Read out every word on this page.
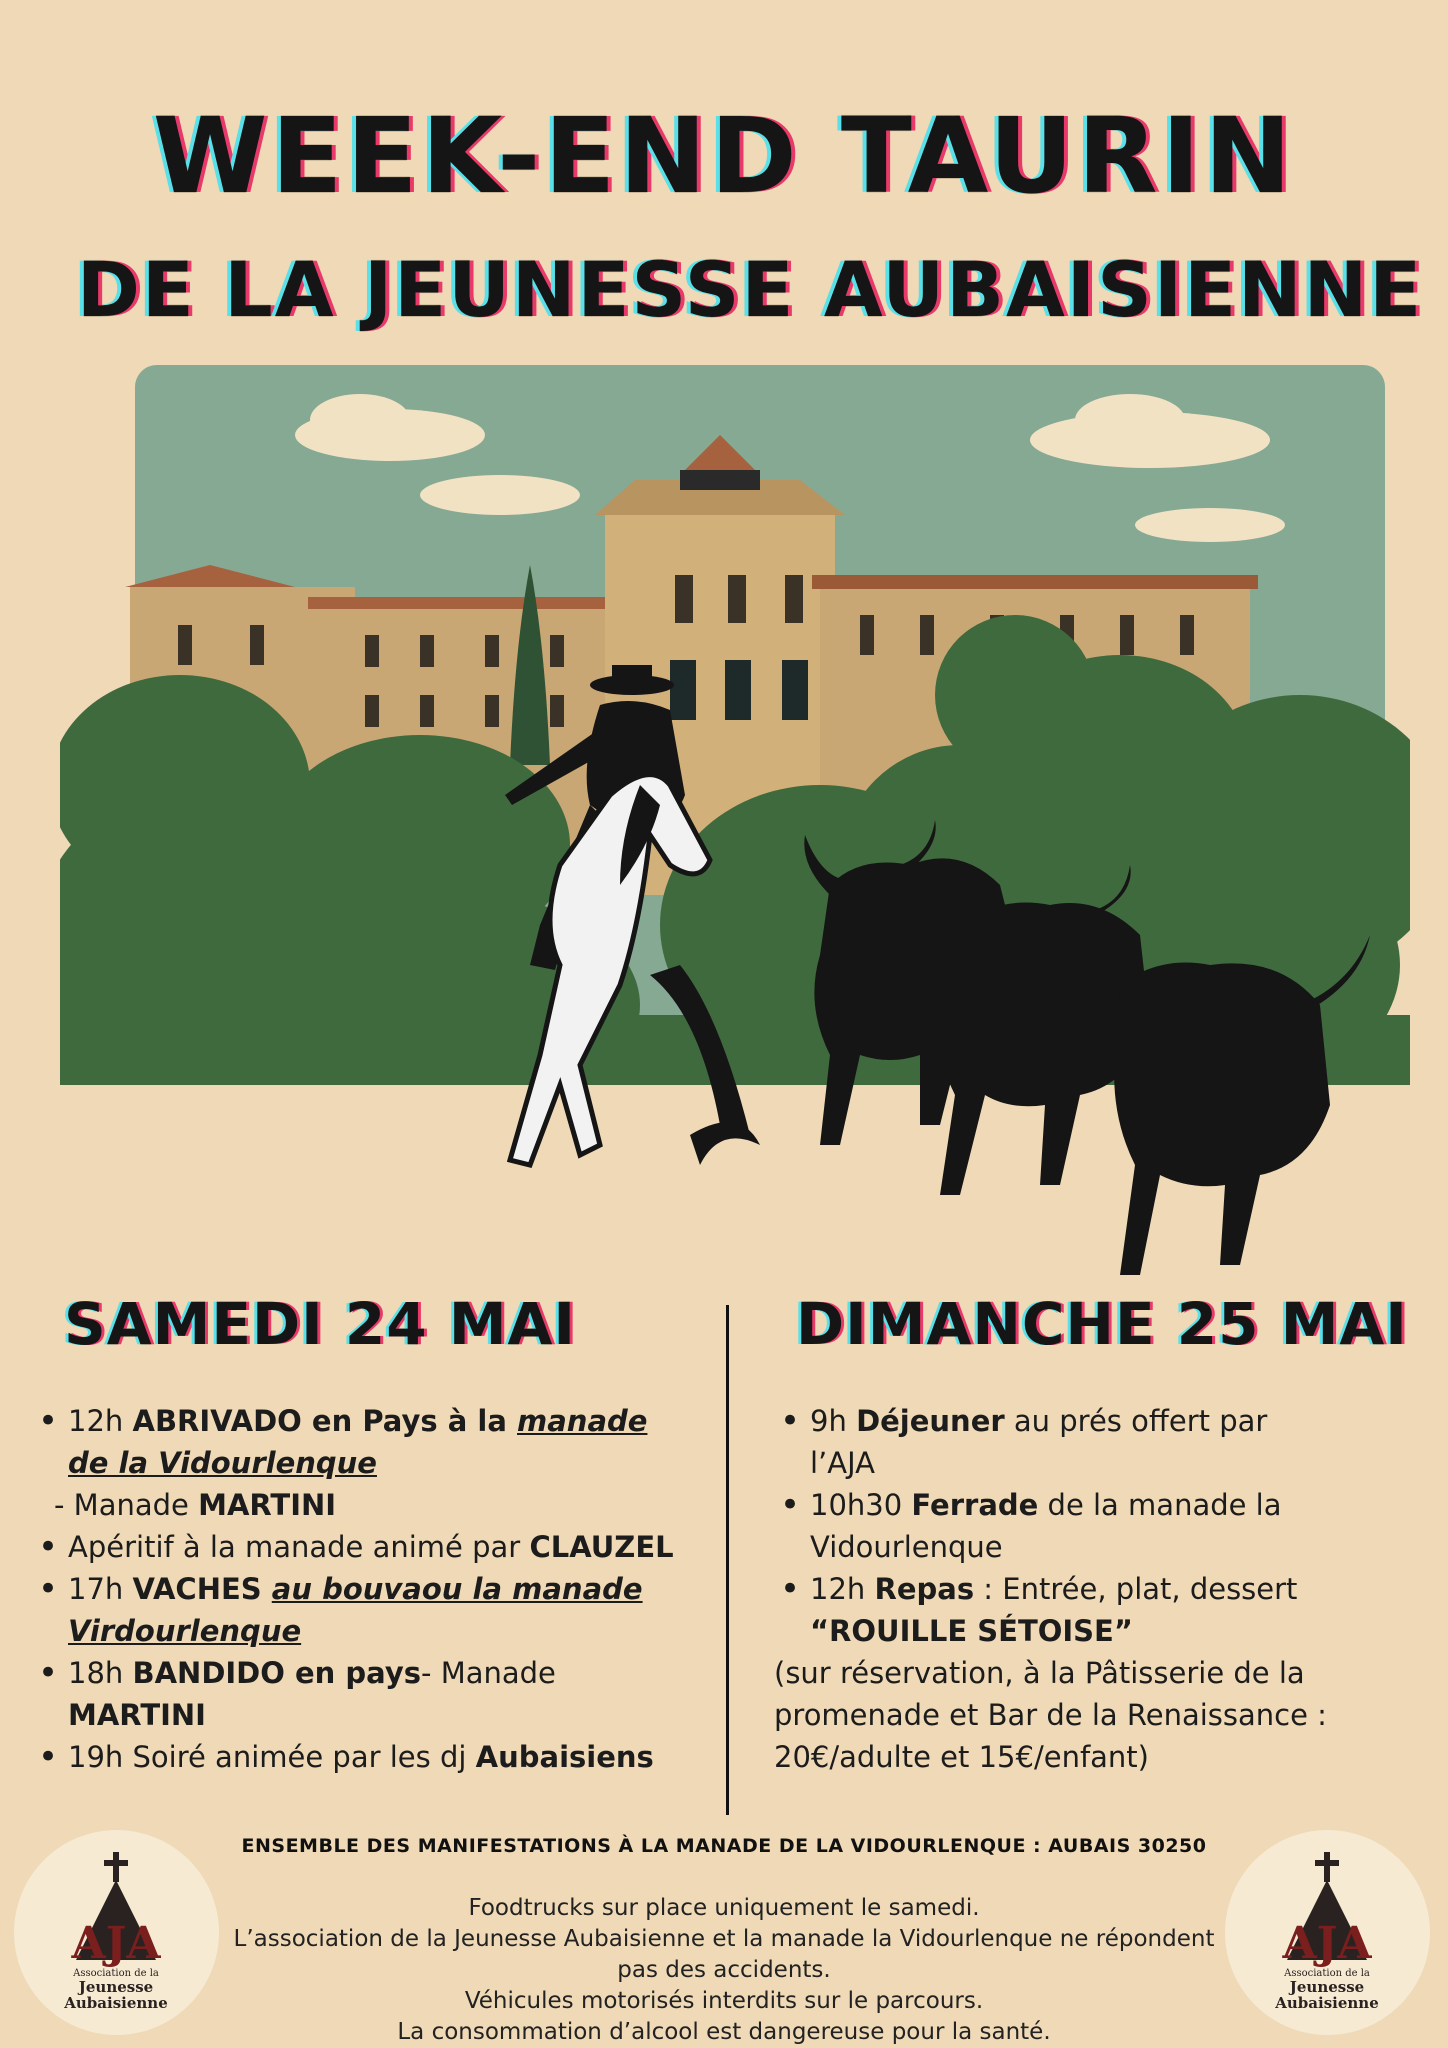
WEEK-END TAURIN
DE LA JEUNESSE AUBAISIENNE
SAMEDI 24 MAI
• 12h ABRIVADO en Pays à la manade de la Vidourlenque
- Manade MARTINI
• Apéritif à la manade animé par CLAUZEL
• 17h VACHES au bouvaou la manade Virdourlenque
• 18h BANDIDO en pays- Manade MARTINI
• 19h Soiré animée par les dj Aubaisiens
DIMANCHE 25 MAI
• 9h Déjeuner au prés offert par l’AJA
• 10h30 Ferrade de la manade la Vidourlenque
• 12h Repas : Entrée, plat, dessert
“ROUILLE SÉTOISE”
(sur réservation, à la Pâtisserie de la promenade et Bar de la Renaissance : 20€/adulte et 15€/enfant)
ENSEMBLE DES MANIFESTATIONS À LA MANADE DE LA VIDOURLENQUE : AUBAIS 30250
AJA
Association de la
Jeunesse
Aubaisienne
AJA
Association de la
Jeunesse
Aubaisienne
Foodtrucks sur place uniquement le samedi.
L’association de la Jeunesse Aubaisienne et la manade la Vidourlenque ne répondent pas des accidents.
Véhicules motorisés interdits sur le parcours.
La consommation d’alcool est dangereuse pour la santé.
